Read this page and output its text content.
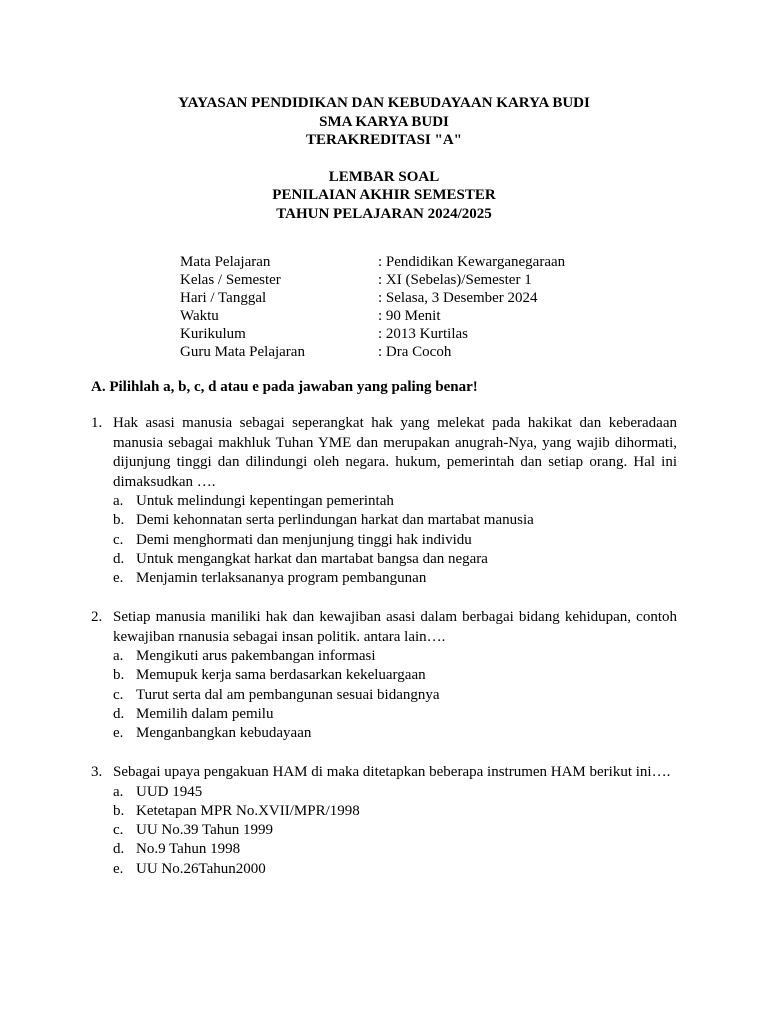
YAYASAN PENDIDIKAN DAN KEBUDAYAAN KARYA BUDI
SMA KARYA BUDI
TERAKREDITASI "A"
LEMBAR SOAL
PENILAIAN AKHIR SEMESTER
TAHUN PELAJARAN 2024/2025
Mata Pelajaran	: Pendidikan Kewarganegaraan
Kelas / Semester	: XI (Sebelas)/Semester 1
Hari / Tanggal	: Selasa, 3 Desember 2024
Waktu	: 90 Menit
Kurikulum	: 2013 Kurtilas
Guru Mata Pelajaran	: Dra Cocoh
A. Pilihlah a, b, c, d atau e pada jawaban yang paling benar!
1. Hak asasi manusia sebagai seperangkat hak yang melekat pada hakikat dan keberadaan manusia sebagai makhluk Tuhan YME dan merupakan anugrah-Nya, yang wajib dihormati, dijunjung tinggi dan dilindungi oleh negara. hukum, pemerintah dan setiap orang. Hal ini dimaksudkan ….
a. Untuk melindungi kepentingan pemerintah
b. Demi kehonnatan serta perlindungan harkat dan martabat manusia
c. Demi menghormati dan menjunjung tinggi hak individu
d. Untuk mengangkat harkat dan martabat bangsa dan negara
e. Menjamin terlaksananya program pembangunan
2. Setiap manusia maniliki hak dan kewajiban asasi dalam berbagai bidang kehidupan, contoh kewajiban rnanusia sebagai insan politik. antara lain….
a. Mengikuti arus pakembangan informasi
b. Memupuk kerja sama berdasarkan kekeluargaan
c. Turut serta dal am pembangunan sesuai bidangnya
d. Memilih dalam pemilu
e. Menganbangkan kebudayaan
3. Sebagai upaya pengakuan HAM di maka ditetapkan beberapa instrumen HAM berikut ini….
a. UUD 1945
b. Ketetapan MPR No.XVII/MPR/1998
c. UU No.39 Tahun 1999
d. No.9 Tahun 1998
e. UU No.26Tahun2000
